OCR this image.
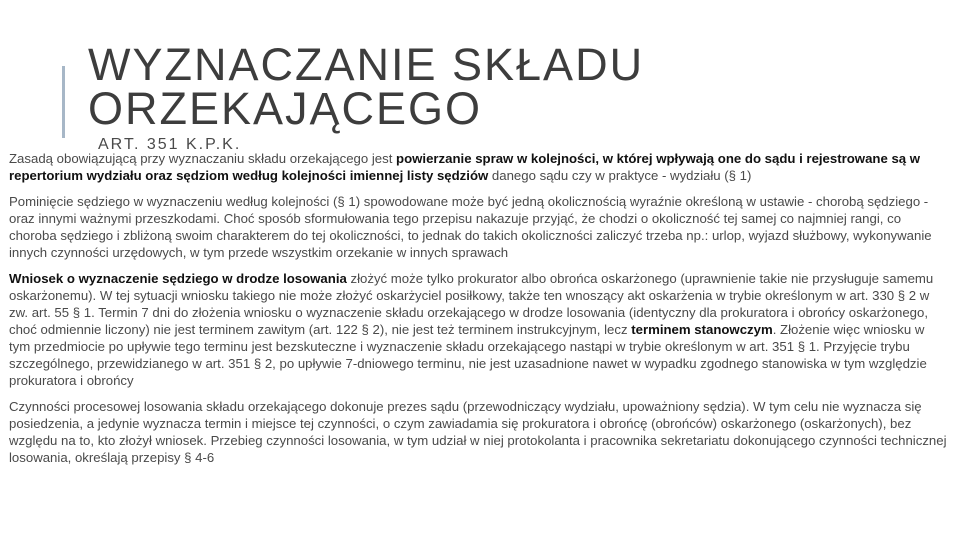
WYZNACZANIE SKŁADU
ORZEKAJĄCEGO
ART. 351 K.P.K.

Zasadą obowiązującą przy wyznaczaniu składu orzekającego jest powierzanie spraw w kolejności, w której wpływają one do sądu i rejestrowane są w repertorium wydziału oraz sędziom według kolejności imiennej listy sędziów danego sądu czy w praktyce - wydziału (§ 1)

Pominięcie sędziego w wyznaczeniu według kolejności (§ 1) spowodowane może być jedną okolicznością wyraźnie określoną w ustawie - chorobą sędziego - oraz innymi ważnymi przeszkodami. Choć sposób sformułowania tego przepisu nakazuje przyjąć, że chodzi o okoliczność tej samej co najmniej rangi, co choroba sędziego i zbliżoną swoim charakterem do tej okoliczności, to jednak do takich okoliczności zaliczyć trzeba np.: urlop, wyjazd służbowy, wykonywanie innych czynności urzędowych, w tym przede wszystkim orzekanie w innych sprawach

Wniosek o wyznaczenie sędziego w drodze losowania złożyć może tylko prokurator albo obrońca oskarżonego (uprawnienie takie nie przysługuje samemu oskarżonemu). W tej sytuacji wniosku takiego nie może złożyć oskarżyciel posiłkowy, także ten wnoszący akt oskarżenia w trybie określonym w art. 330 § 2 w zw. art. 55 § 1. Termin 7 dni do złożenia wniosku o wyznaczenie składu orzekającego w drodze losowania (identyczny dla prokuratora i obrońcy oskarżonego, choć odmiennie liczony) nie jest terminem zawitym (art. 122 § 2), nie jest też terminem instrukcyjnym, lecz terminem stanowczym. Złożenie więc wniosku w tym przedmiocie po upływie tego terminu jest bezskuteczne i wyznaczenie składu orzekającego nastąpi w trybie określonym w art. 351 § 1. Przyjęcie trybu szczególnego, przewidzianego w art. 351 § 2, po upływie 7-dniowego terminu, nie jest uzasadnione nawet w wypadku zgodnego stanowiska w tym względzie prokuratora i obrońcy

Czynności procesowej losowania składu orzekającego dokonuje prezes sądu (przewodniczący wydziału, upoważniony sędzia). W tym celu nie wyznacza się posiedzenia, a jedynie wyznacza termin i miejsce tej czynności, o czym zawiadamia się prokuratora i obrońcę (obrońców) oskarżonego (oskarżonych), bez względu na to, kto złożył wniosek. Przebieg czynności losowania, w tym udział w niej protokolanta i pracownika sekretariatu dokonującego czynności technicznej losowania, określają przepisy § 4-6
